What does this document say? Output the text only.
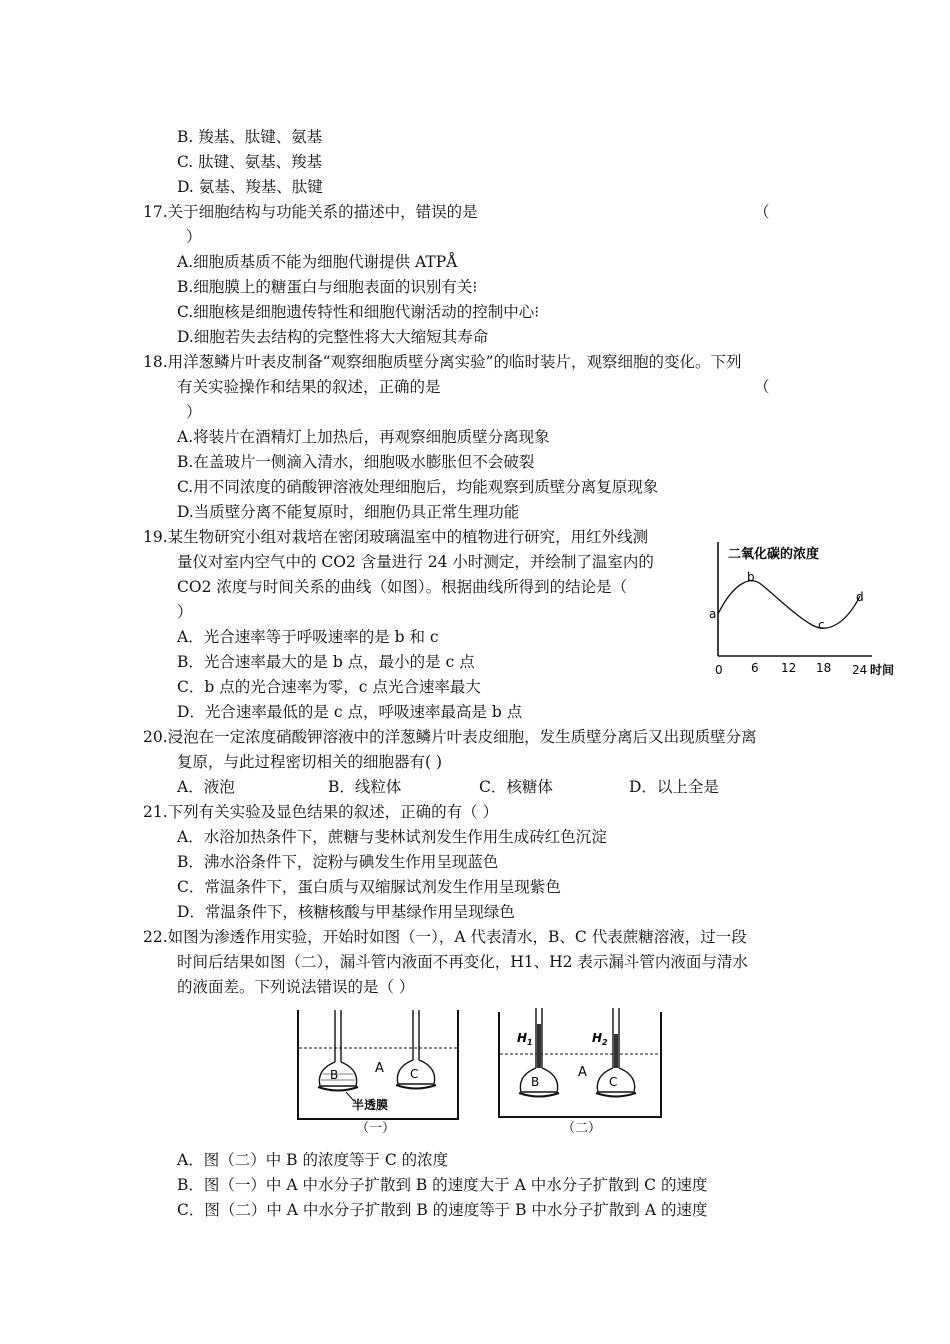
B. 羧基、肽键、氨基
C. 肽键、氨基、羧基
D. 氨基、羧基、肽键
17.关于细胞结构与功能关系的描述中，错误的是	（
）
A.细胞质基质不能为细胞代谢提供 ATPÅ
B.细胞膜上的糖蛋白与细胞表面的识别有关⁝
C.细胞核是细胞遗传特性和细胞代谢活动的控制中心⁝
D.细胞若失去结构的完整性将大大缩短其寿命
18.用洋葱鳞片叶表皮制备“观察细胞质壁分离实验”的临时装片，观察细胞的变化。下列
有关实验操作和结果的叙述，正确的是	（
）
A.将装片在酒精灯上加热后，再观察细胞质壁分离现象
B.在盖玻片一侧滴入清水，细胞吸水膨胀但不会破裂
C.用不同浓度的硝酸钾溶液处理细胞后，均能观察到质壁分离复原现象
D.当质壁分离不能复原时，细胞仍具正常生理功能
19.某生物研究小组对栽培在密闭玻璃温室中的植物进行研究，用红外线测
量仪对室内空气中的 CO2 含量进行 24 小时测定，并绘制了温室内的
CO2 浓度与时间关系的曲线（如图）。根据曲线所得到的结论是（
）
A．光合速率等于呼吸速率的是 b 和 c
B．光合速率最大的是 b 点，最小的是 c 点
C．b 点的光合速率为零，c 点光合速率最大
D．光合速率最低的是 c 点，呼吸速率最高是 b 点
二氧化碳的浓度
a
b
c
d
0 6 12 18 24 时间
20.浸泡在一定浓度硝酸钾溶液中的洋葱鳞片叶表皮细胞，发生质壁分离后又出现质壁分离
复原，与此过程密切相关的细胞器有( )
A．液泡	B．线粒体	C．核糖体	D．以上全是
21.下列有关实验及显色结果的叙述，正确的有（ ）
A．水浴加热条件下，蔗糖与斐林试剂发生作用生成砖红色沉淀
B．沸水浴条件下，淀粉与碘发生作用呈现蓝色
C．常温条件下，蛋白质与双缩脲试剂发生作用呈现紫色
D．常温条件下，核糖核酸与甲基绿作用呈现绿色
22.如图为渗透作用实验，开始时如图（一），A 代表清水，B、C 代表蔗糖溶液，过一段
时间后结果如图（二），漏斗管内液面不再变化，H1、H2 表示漏斗管内液面与清水
的液面差。下列说法错误的是（ ）
B	A C
半透膜
（一）
$H_1$	$H_2$
B
A
C
（二）
A．图（二）中 B 的浓度等于 C 的浓度
B．图（一）中 A 中水分子扩散到 B 的速度大于 A 中水分子扩散到 C 的速度
C．图（二）中 A 中水分子扩散到 B 的速度等于 B 中水分子扩散到 A 的速度
